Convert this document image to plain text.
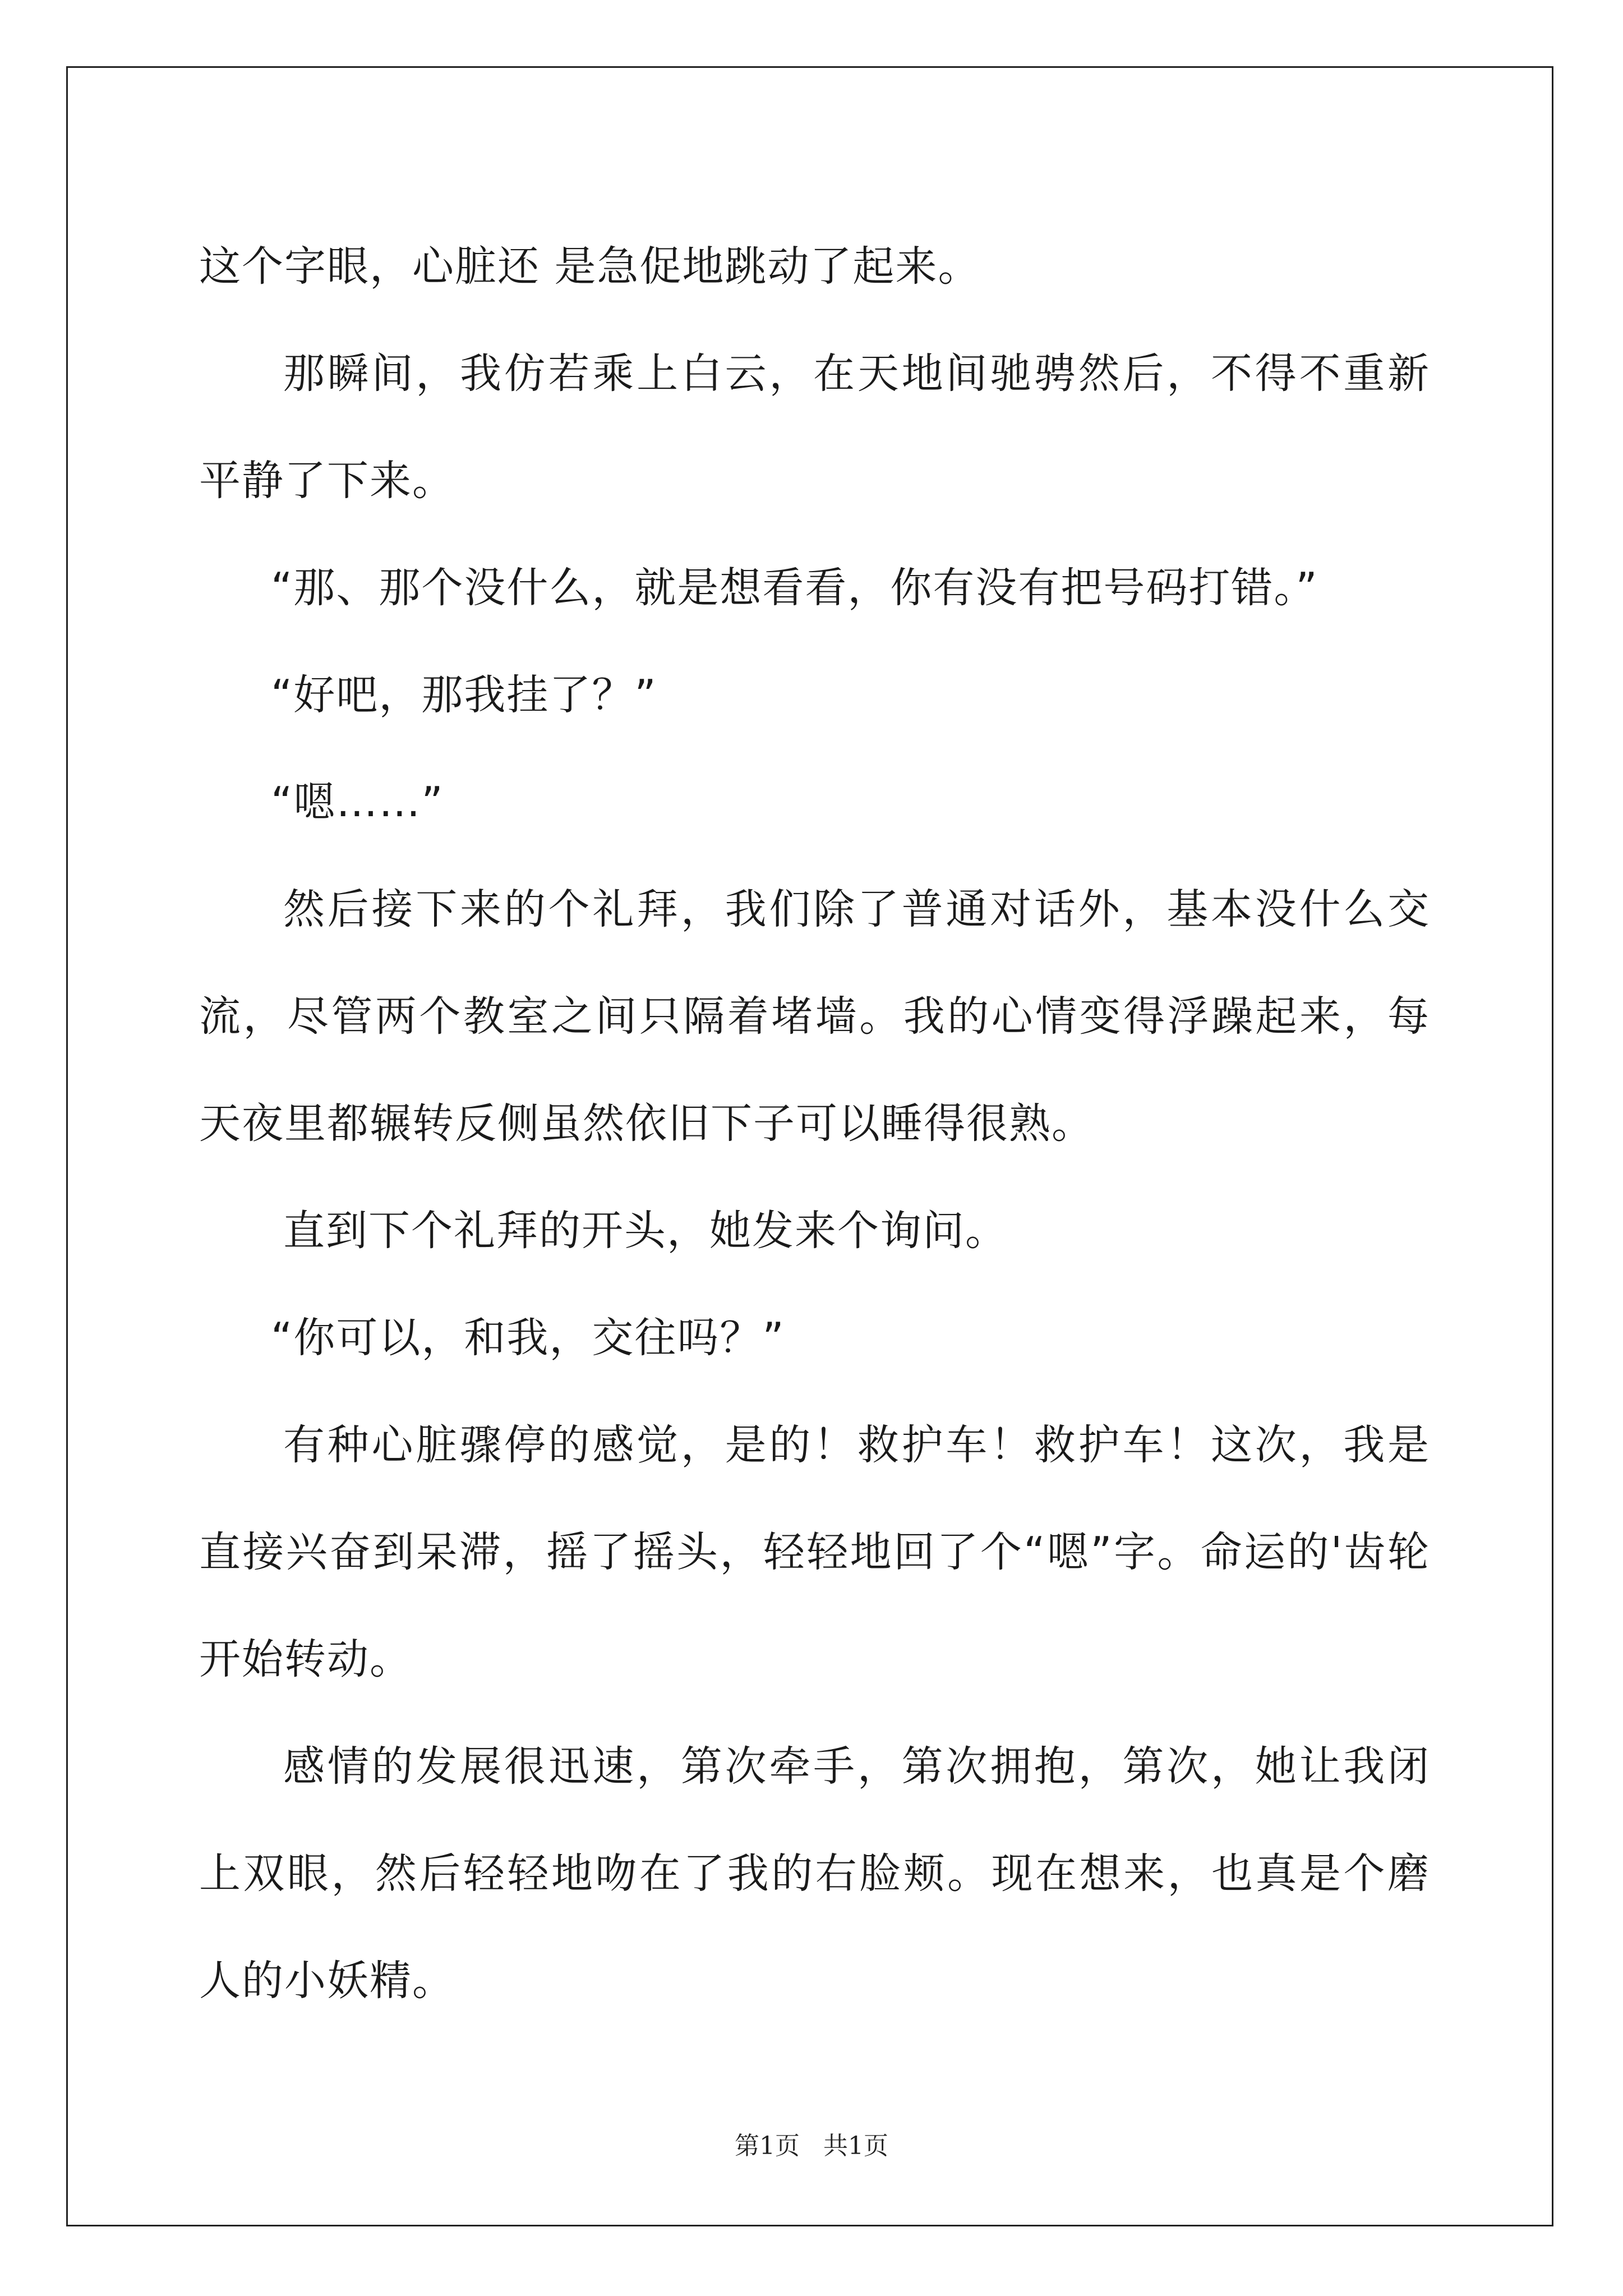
这个字眼，心脏还 是急促地跳动了起来。

那瞬间，我仿若乘上白云，在天地间驰骋然后，不得不重新平静了下来。

“那、那个没什么，就是想看看，你有没有把号码打错。”

“好吧，那我挂了？”

“嗯……”

然后接下来的个礼拜，我们除了普通对话外，基本没什么交流，尽管两个教室之间只隔着堵墙。我的心情变得浮躁起来，每天夜里都辗转反侧虽然依旧下子可以睡得很熟。

直到下个礼拜的开头，她发来个询问。

“你可以，和我，交往吗？”

有种心脏骤停的感觉，是的！救护车！救护车！这次，我是直接兴奋到呆滞，摇了摇头，轻轻地回了个“嗯”字。命运的'齿轮开始转动。

感情的发展很迅速，第次牵手，第次拥抱，第次，她让我闭上双眼，然后轻轻地吻在了我的右脸颊。现在想来，也真是个磨人的小妖精。

第1页   共1页
